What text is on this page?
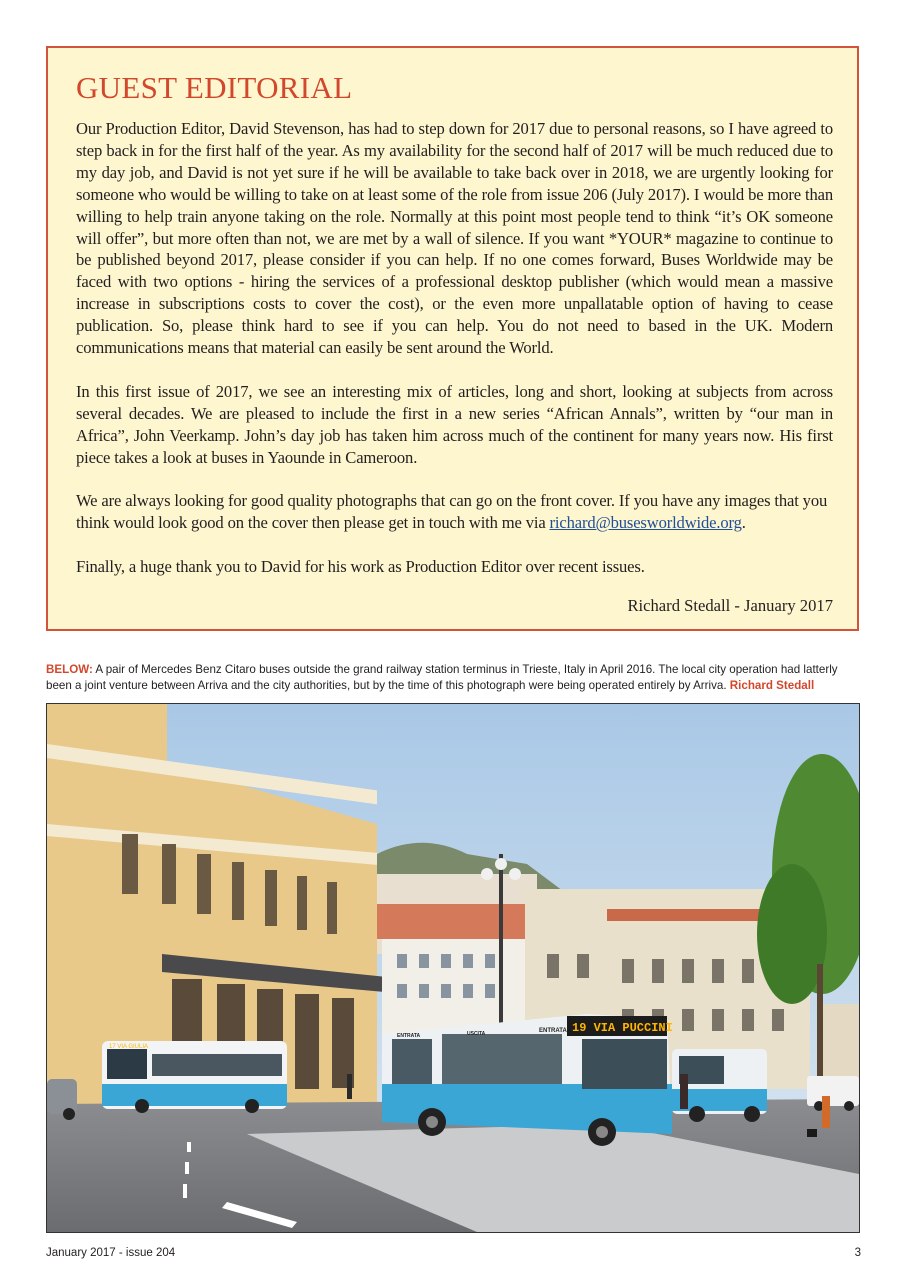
GUEST EDITORIAL

Our Production Editor, David Stevenson, has had to step down for 2017 due to personal reasons, so I have agreed to step back in for the first half of the year. As my availability for the second half of 2017 will be much reduced due to my day job, and David is not yet sure if he will be available to take back over in 2018, we are urgently looking for someone who would be willing to take on at least some of the role from issue 206 (July 2017). I would be more than willing to help train anyone taking on the role. Normally at this point most people tend to think “it’s OK someone will offer”, but more often than not, we are met by a wall of silence. If you want *YOUR* magazine to continue to be published beyond 2017, please consider if you can help. If no one comes forward, Buses Worldwide may be faced with two options - hiring the services of a professional desktop publisher (which would mean a massive increase in subscriptions costs to cover the cost), or the even more unpallatable option of having to cease publication. So, please think hard to see if you can help. You do not need to based in the UK. Modern communications means that material can easily be sent around the World.

In this first issue of 2017, we see an interesting mix of articles, long and short, looking at subjects from across several decades. We are pleased to include the first in a new series “African Annals”, written by “our man in Africa”, John Veerkamp. John’s day job has taken him across much of the continent for many years now. His first piece takes a look at buses in Yaounde in Cameroon.

We are always looking for good quality photographs that can go on the front cover. If you have any images that you think would look good on the cover then please get in touch with me via richard@busesworldwide.org.

Finally, a huge thank you to David for his work as Production Editor over recent issues.

Richard Stedall - January 2017
BELOW: A pair of Mercedes Benz Citaro buses outside the grand railway station terminus in Trieste, Italy in April 2016. The local city operation had latterly been a joint venture between Arriva and the city authorities, but by the time of this photograph were being operated entirely by Arriva. Richard Stedall
17 VIA GIULIA
19 VIA PUCCINI
ENTRATA	USCITA	ENTRATA
January 2017 - issue 204	3
